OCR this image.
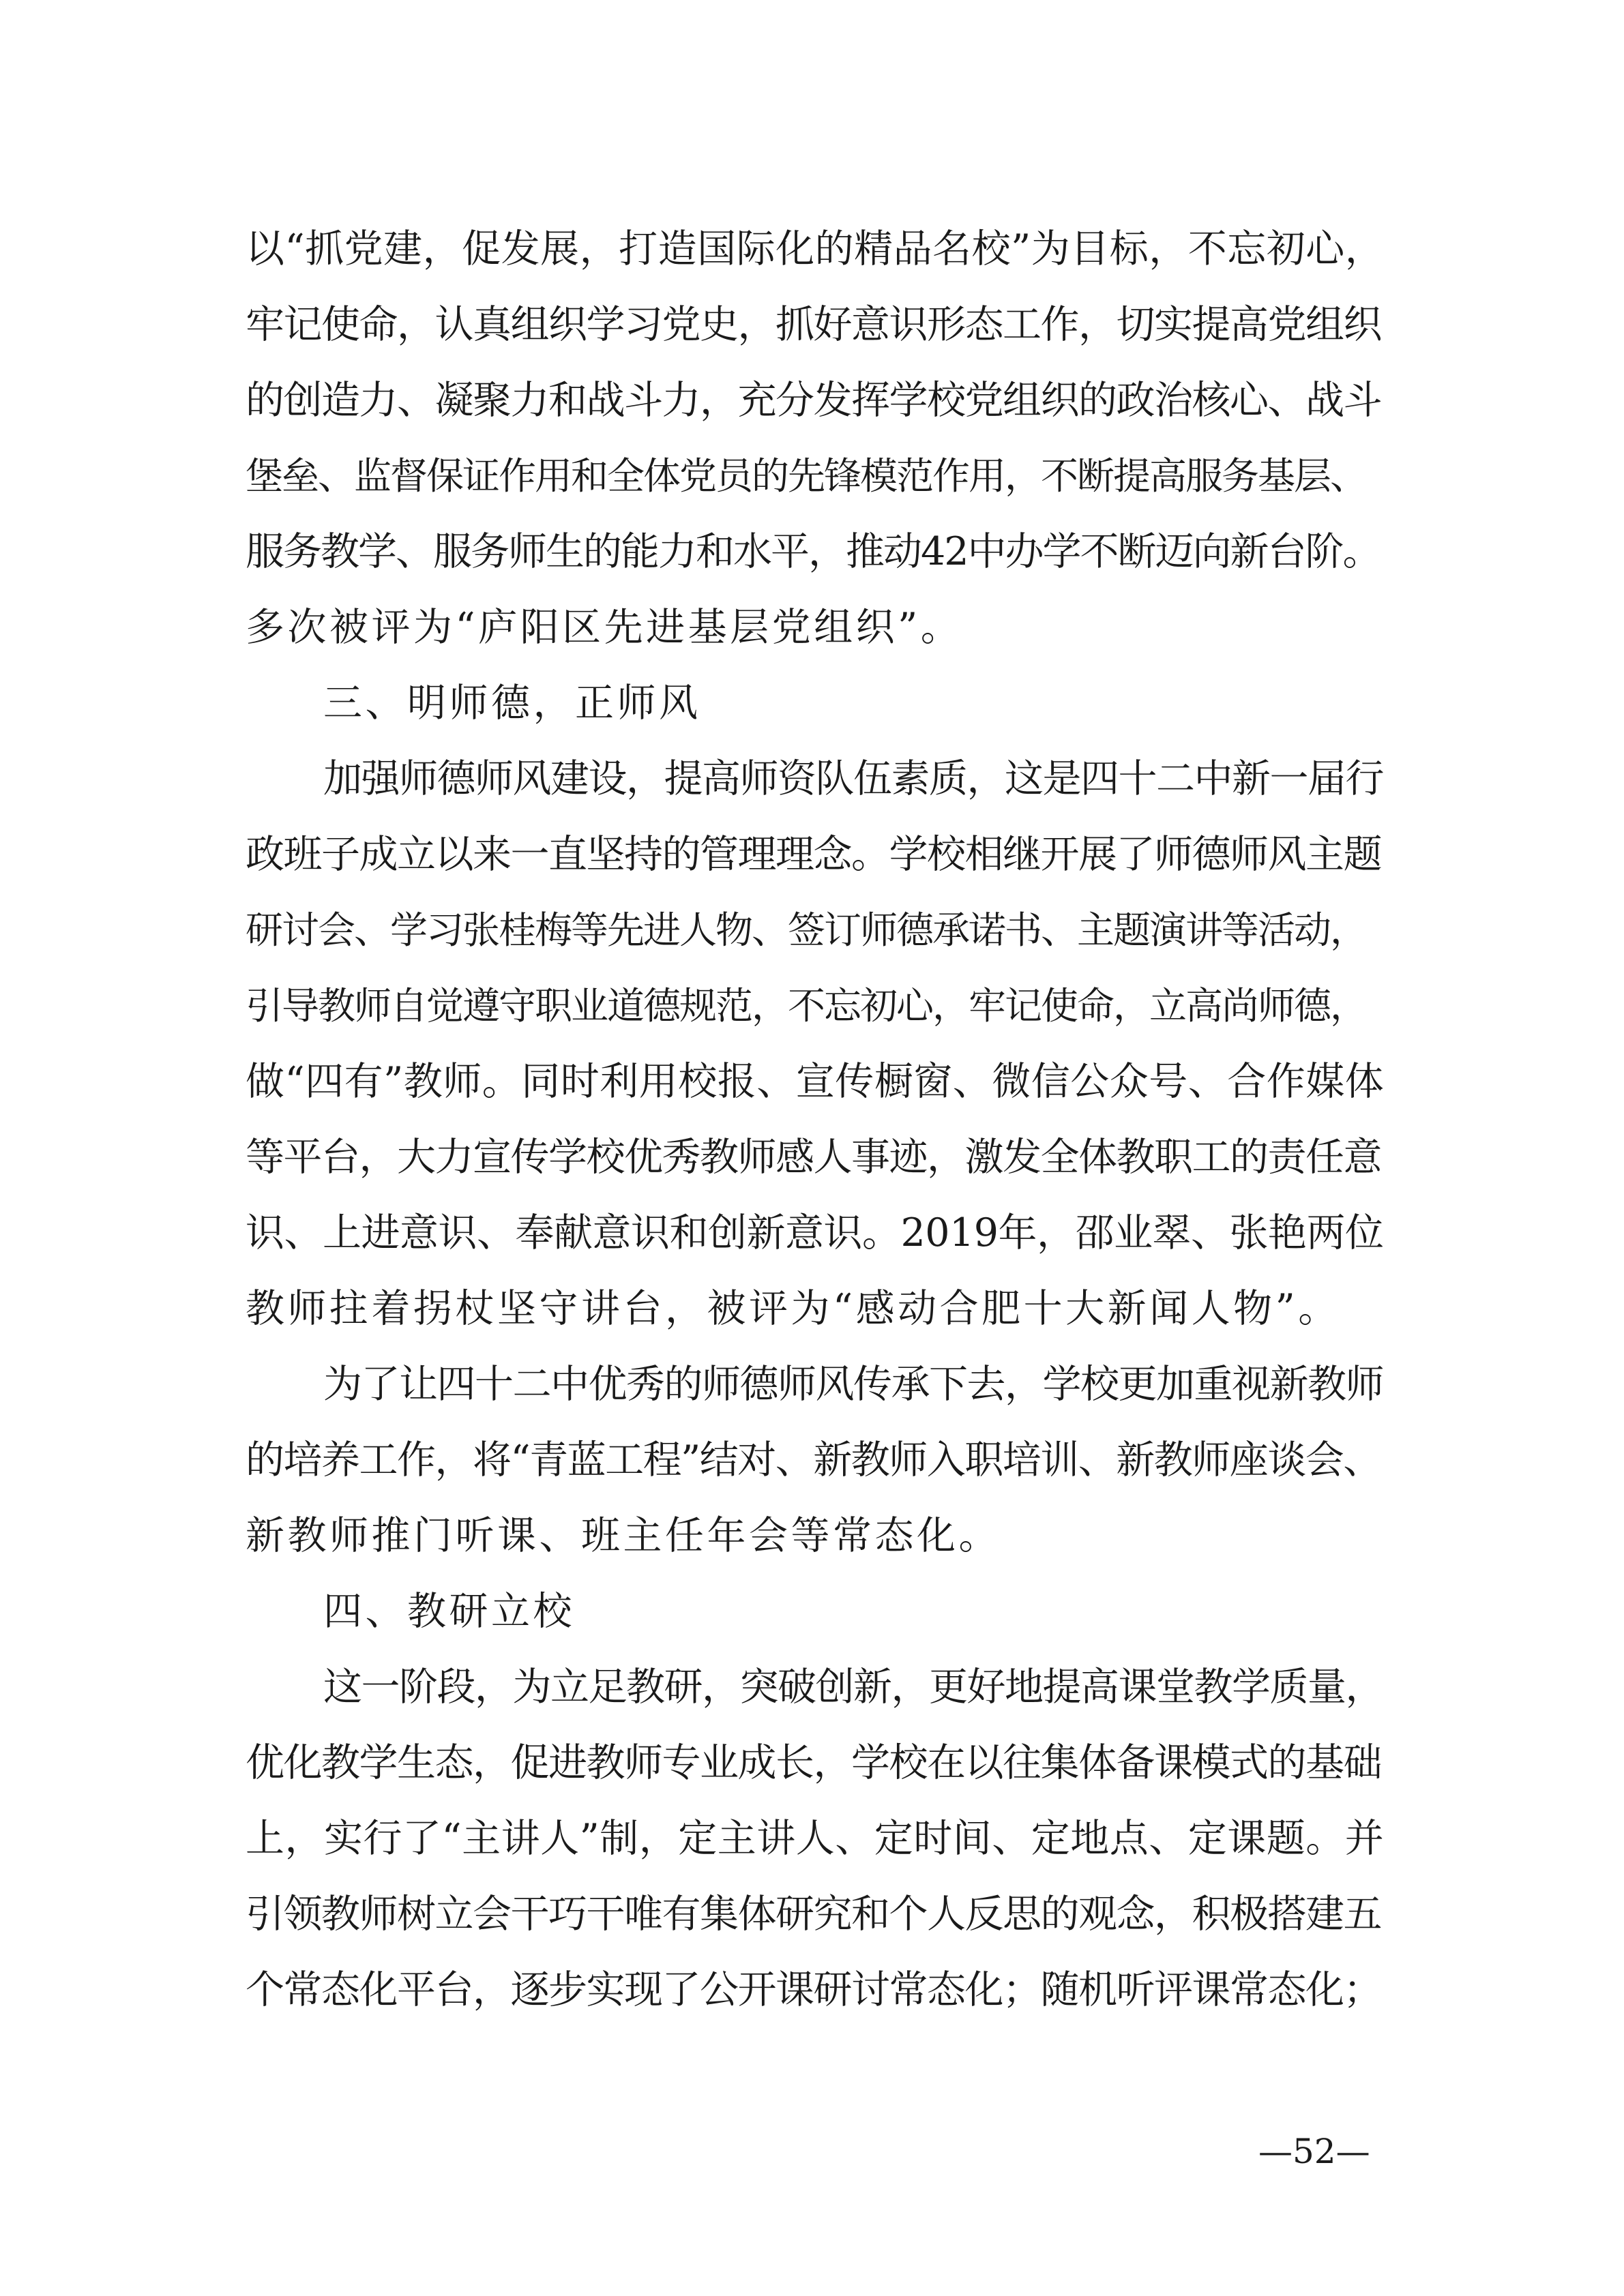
以“抓党建，促发展，打造国际化的精品名校”为目标，不忘初心，
牢记使命，认真组织学习党史，抓好意识形态工作，切实提高党组织
的创造力、凝聚力和战斗力，充分发挥学校党组织的政治核心、战斗
堡垒、监督保证作用和全体党员的先锋模范作用，不断提高服务基层、
服务教学、服务师生的能力和水平，推动42中办学不断迈向新台阶。
多次被评为“庐阳区先进基层党组织”。
三、明师德，正师风
加强师德师风建设，提高师资队伍素质，这是四十二中新一届行
政班子成立以来一直坚持的管理理念。学校相继开展了师德师风主题
研讨会、学习张桂梅等先进人物、签订师德承诺书、主题演讲等活动，
引导教师自觉遵守职业道德规范，不忘初心，牢记使命，立高尚师德，
做“四有”教师。同时利用校报、宣传橱窗、微信公众号、合作媒体
等平台，大力宣传学校优秀教师感人事迹，激发全体教职工的责任意
识、上进意识、奉献意识和创新意识。2019年，邵业翠、张艳两位
教师拄着拐杖坚守讲台，被评为“感动合肥十大新闻人物”。
为了让四十二中优秀的师德师风传承下去，学校更加重视新教师
的培养工作，将“青蓝工程”结对、新教师入职培训、新教师座谈会、
新教师推门听课、班主任年会等常态化。
四、教研立校
这一阶段，为立足教研，突破创新，更好地提高课堂教学质量，
优化教学生态，促进教师专业成长，学校在以往集体备课模式的基础
上，实行了“主讲人”制，定主讲人、定时间、定地点、定课题。并
引领教师树立会干巧干唯有集体研究和个人反思的观念，积极搭建五
个常态化平台，逐步实现了公开课研讨常态化；随机听评课常态化；
—52—
